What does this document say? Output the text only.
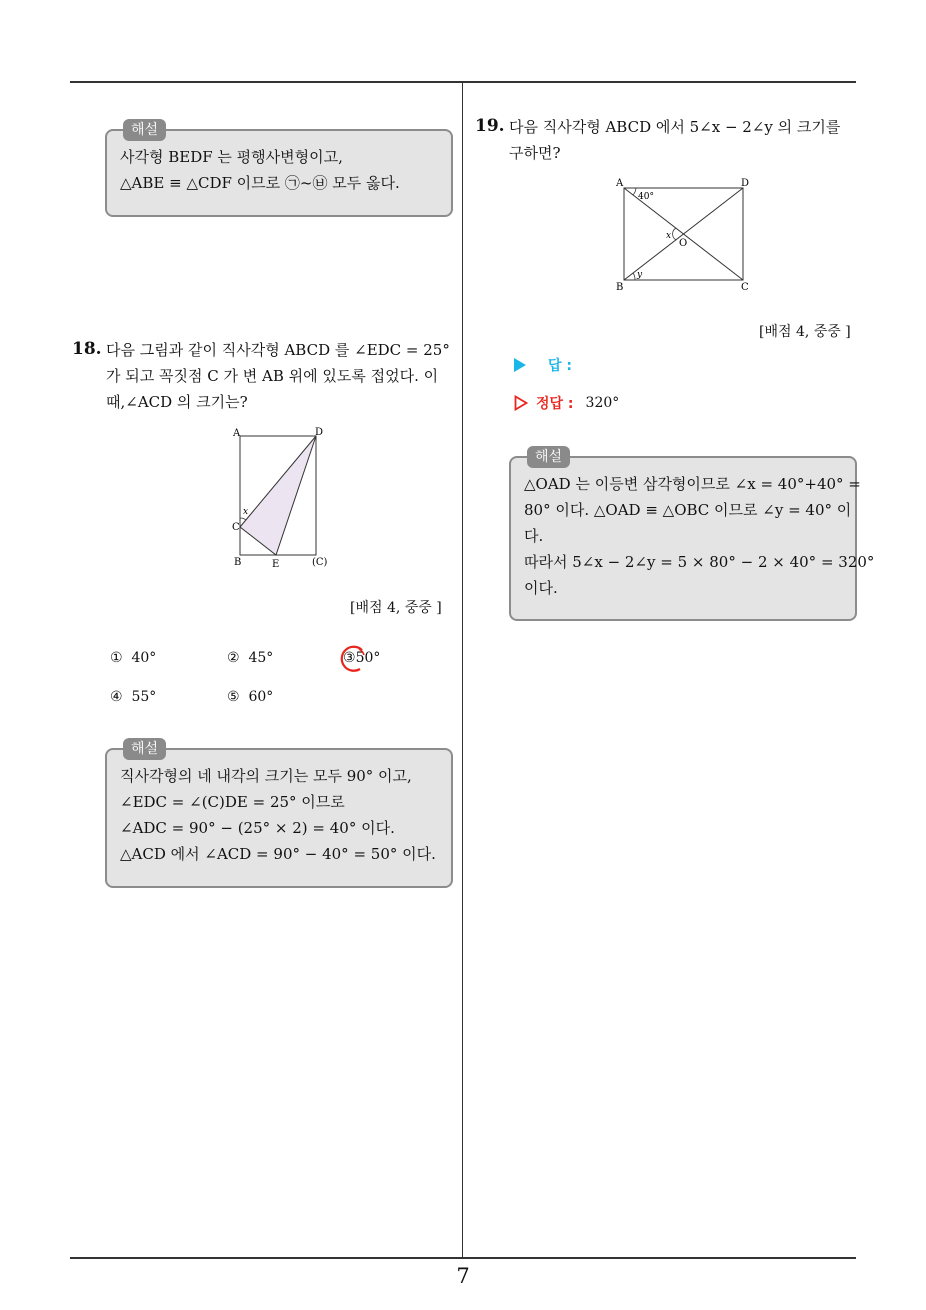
해설
사각형 BEDF 는 평행사변형이고,
△ABE ≡ △CDF 이므로 ㉠~㉥ 모두 옳다.
18. 다음 그림과 같이 직사각형 ABCD 를 ∠EDC = 25°
가 되고 꼭짓점 C 가 변 AB 위에 있도록 접었다. 이
때,∠ACD 의 크기는?
A	D
C
x
B	E	(C)
[배점 4, 중중 ]
① 40°	② 45°	③50°
④ 55°	⑤ 60°
해설
직사각형의 네 내각의 크기는 모두 90° 이고,
∠EDC = ∠(C)DE = 25° 이므로
∠ADC = 90° − (25° × 2) = 40° 이다.
△ACD 에서 ∠ACD = 90° − 40° = 50° 이다.
19. 다음 직사각형 ABCD 에서 5∠x − 2∠y 의 크기를
구하면?
A	D
40°
x
O
y
B	C
[배점 4, 중중 ]
답 :
정답 : 320°
해설
△OAD 는 이등변 삼각형이므로 ∠x = 40°+40° =
80° 이다. △OAD ≡ △OBC 이므로 ∠y = 40° 이
다.
따라서 5∠x − 2∠y = 5 × 80° − 2 × 40° = 320°
이다.
7
